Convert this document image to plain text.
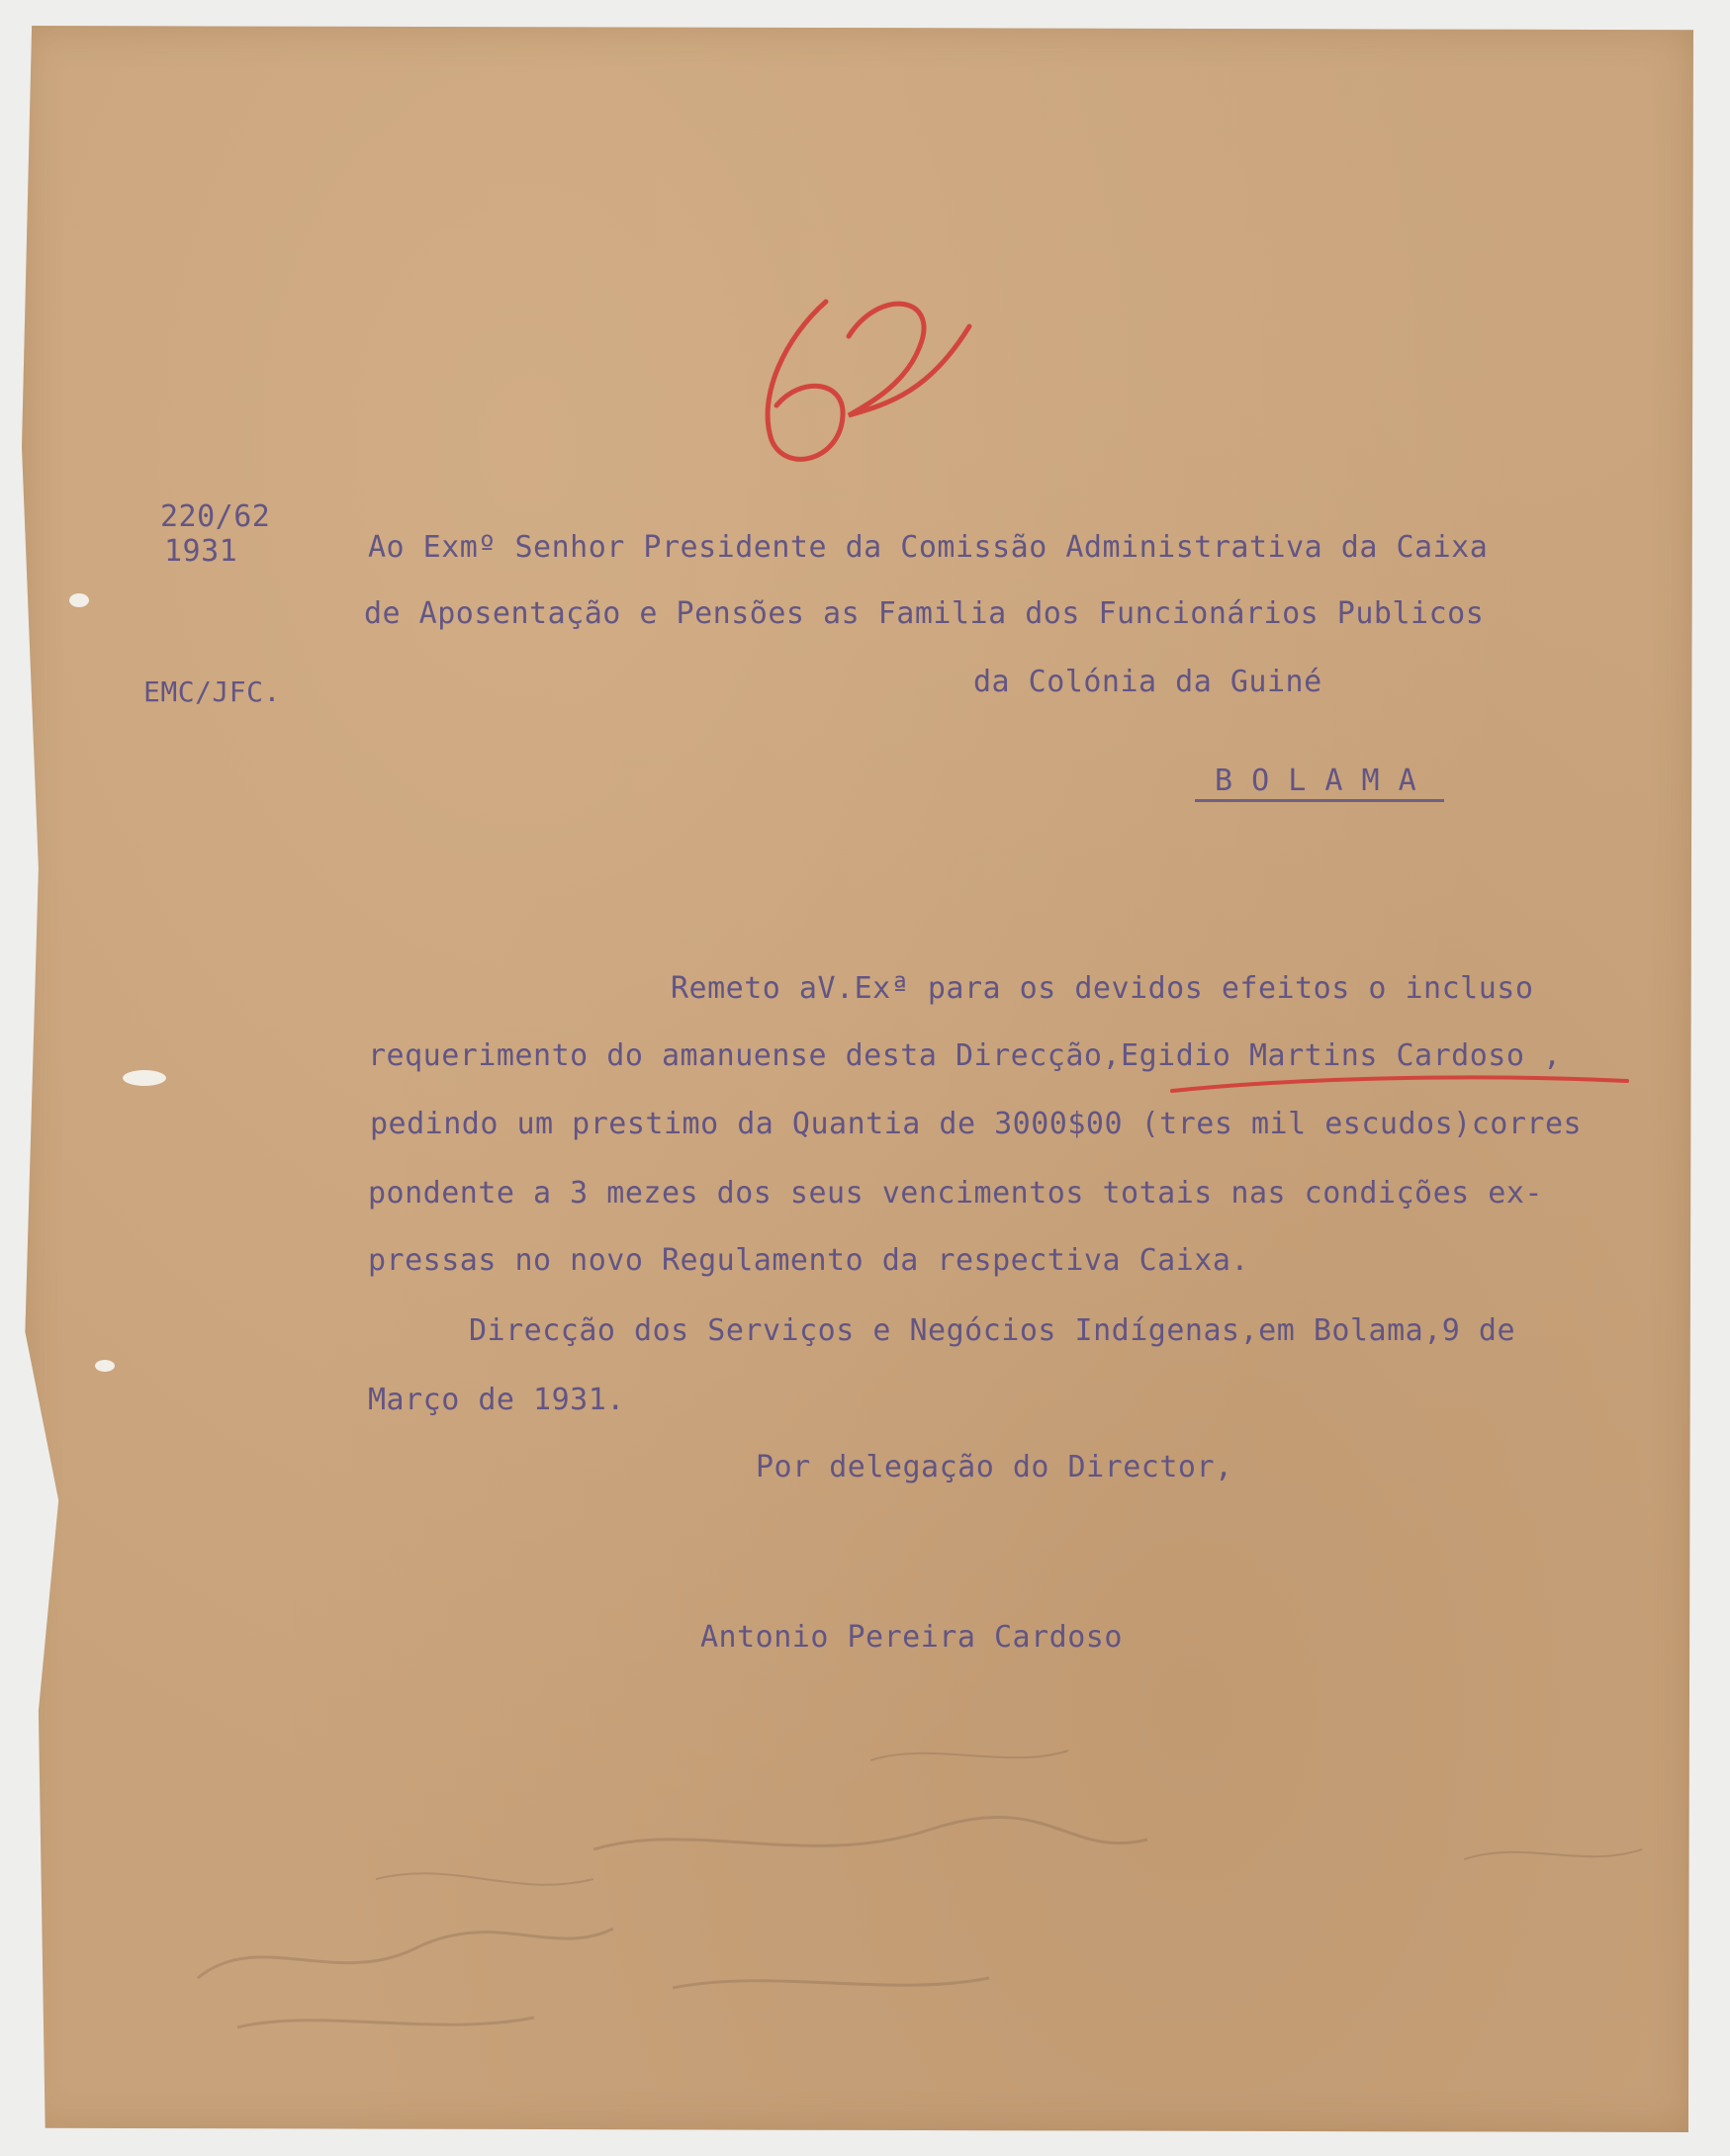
220/62
1931
EMC/JFC.
Ao Exmº Senhor Presidente da Comissão Administrativa da Caixa
de Aposentação e Pensões as Familia dos Funcionários Publicos
da Colónia da Guiné
B O L A M A
Remeto aV.Exª para os devidos efeitos o incluso
requerimento do amanuense desta Direcção,Egidio Martins Cardoso ,
pedindo um prestimo da Quantia de 3000$00 (tres mil escudos)corres
pondente a 3 mezes dos seus vencimentos totais nas condições ex-
pressas no novo Regulamento da respectiva Caixa.
Direcção dos Serviços e Negócios Indígenas,em Bolama,9 de
Março de 1931.
Por delegação do Director,
Antonio Pereira Cardoso
